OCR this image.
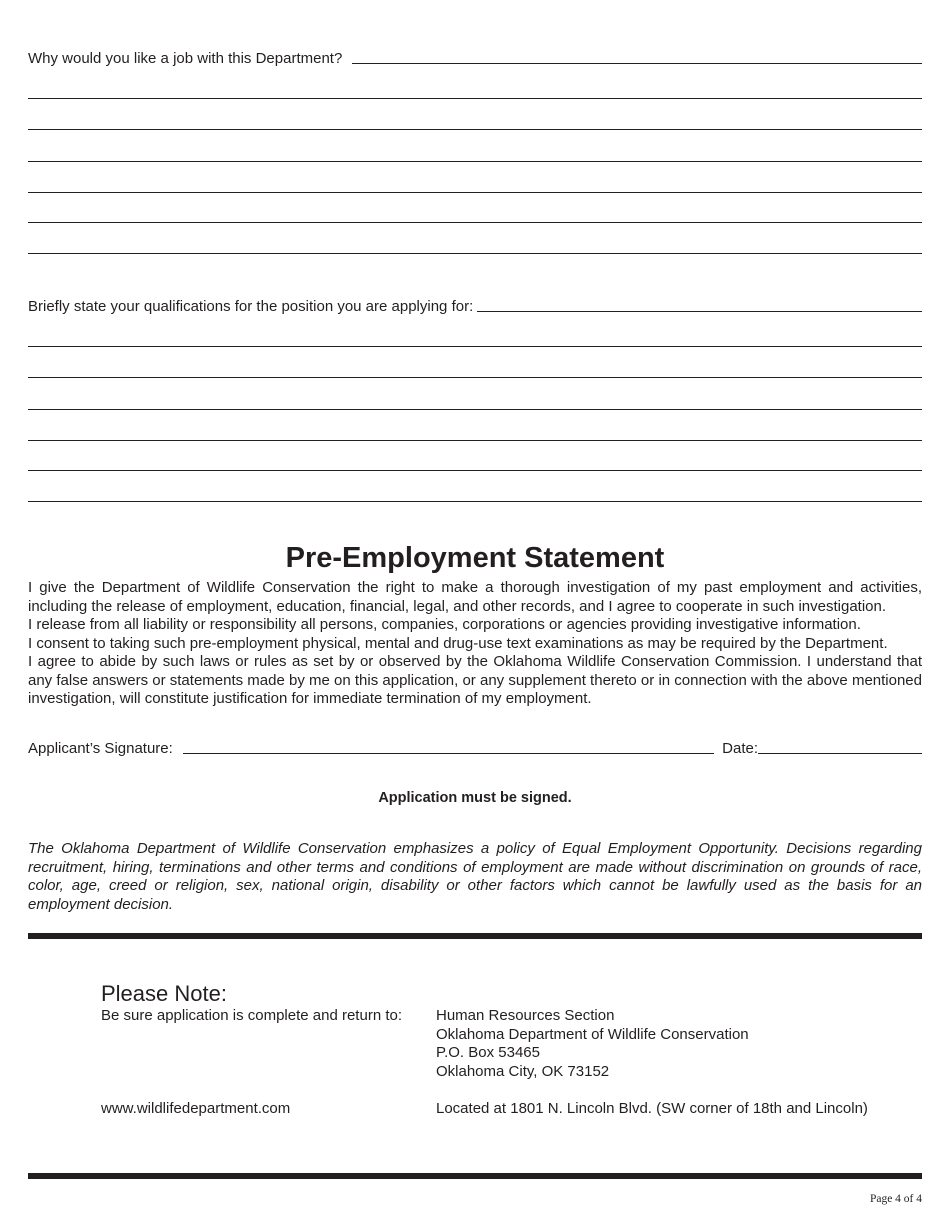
Why would you like a job with this Department?
Briefly state your qualifications for the position you are applying for:
Pre-Employment Statement

I give the Department of Wildlife Conservation the right to make a thorough investigation of my past employment and activities, including the release of employment, education, financial, legal, and other records, and I agree to cooperate in such investigation.

I release from all liability or responsibility all persons, companies, corporations or agencies providing investigative information.

I consent to taking such pre-employment physical, mental and drug-use text examinations as may be required by the Department.

I agree to abide by such laws or rules as set by or observed by the Oklahoma Wildlife Conservation Commission. I understand that any false answers or statements made by me on this application, or any supplement thereto or in connection with the above mentioned investigation, will constitute justification for immediate termination of my employment.

Applicant’s Signature:	Date:
Application must be signed.
The Oklahoma Department of Wildlife Conservation emphasizes a policy of Equal Employment Opportunity. Decisions regarding recruitment, hiring, terminations and other terms and conditions of employment are made without discrimination on grounds of race, color, age, creed or religion, sex, national origin, disability or other factors which cannot be lawfully used as the basis for an employment decision.
Please Note:
Be sure application is complete and return to: Human Resources Section
Oklahoma Department of Wildlife Conservation
P.O. Box 53465
Oklahoma City, OK 73152
www.wildlifedepartment.com	Located at 1801 N. Lincoln Blvd. (SW corner of 18th and Lincoln)
Page 4 of 4
